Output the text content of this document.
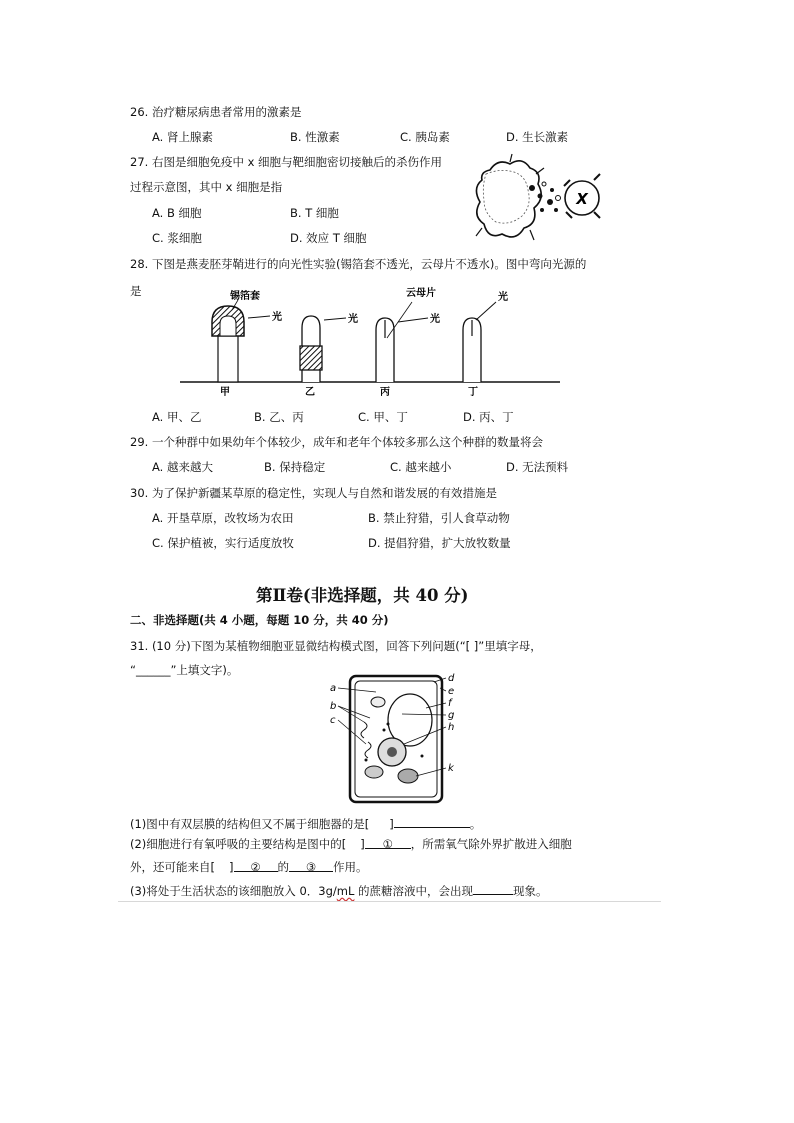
26. 治疗糖尿病患者常用的激素是
A. 肾上腺素	B. 性激素	C. 胰岛素	D. 生长激素
27. 右图是细胞免疫中 x 细胞与靶细胞密切接触后的杀伤作用
过程示意图，其中 x 细胞是指
A. B 细胞	B. T 细胞
C. 浆细胞	D. 效应 T 细胞
X
28. 下图是燕麦胚芽鞘进行的向光性实验(锡箔套不透光，云母片不透水)。图中弯向光源的
是
光
锡箔套
甲
光
乙
云母片
光
丙
光
丁
A. 甲、乙	B. 乙、丙	C. 甲、丁	D. 丙、丁
29. 一个种群中如果幼年个体较少，成年和老年个体较多那么这个种群的数量将会
A. 越来越大	B. 保持稳定	C. 越来越小	D. 无法预料
30. 为了保护新疆某草原的稳定性，实现人与自然和谐发展的有效措施是
A. 开垦草原，改牧场为农田	B. 禁止狩猎，引人食草动物
C. 保护植被，实行适度放牧	D. 提倡狩猎，扩大放牧数量
第Ⅱ卷(非选择题，共 40 分)
二、非选择题(共 4 小题，每题 10 分，共 40 分)
31. (10 分)下图为某植物细胞亚显微结构模式图，回答下列问题(“[ ]”里填字母，
“______”上填文字)。
a
b
c
d
e
f
g
h
k
(1)图中有双层膜的结构但又不属于细胞器的是[ ]	。
(2)细胞进行有氧呼吸的主要结构是图中的[ ] ① ，所需氧气除外界扩散进入细胞
外，还可能来自[ ] ② 的 ③ 作用。
(3)将处于生活状态的该细胞放入 0．3g/mL 的蔗糖溶液中，会出现	现象。
